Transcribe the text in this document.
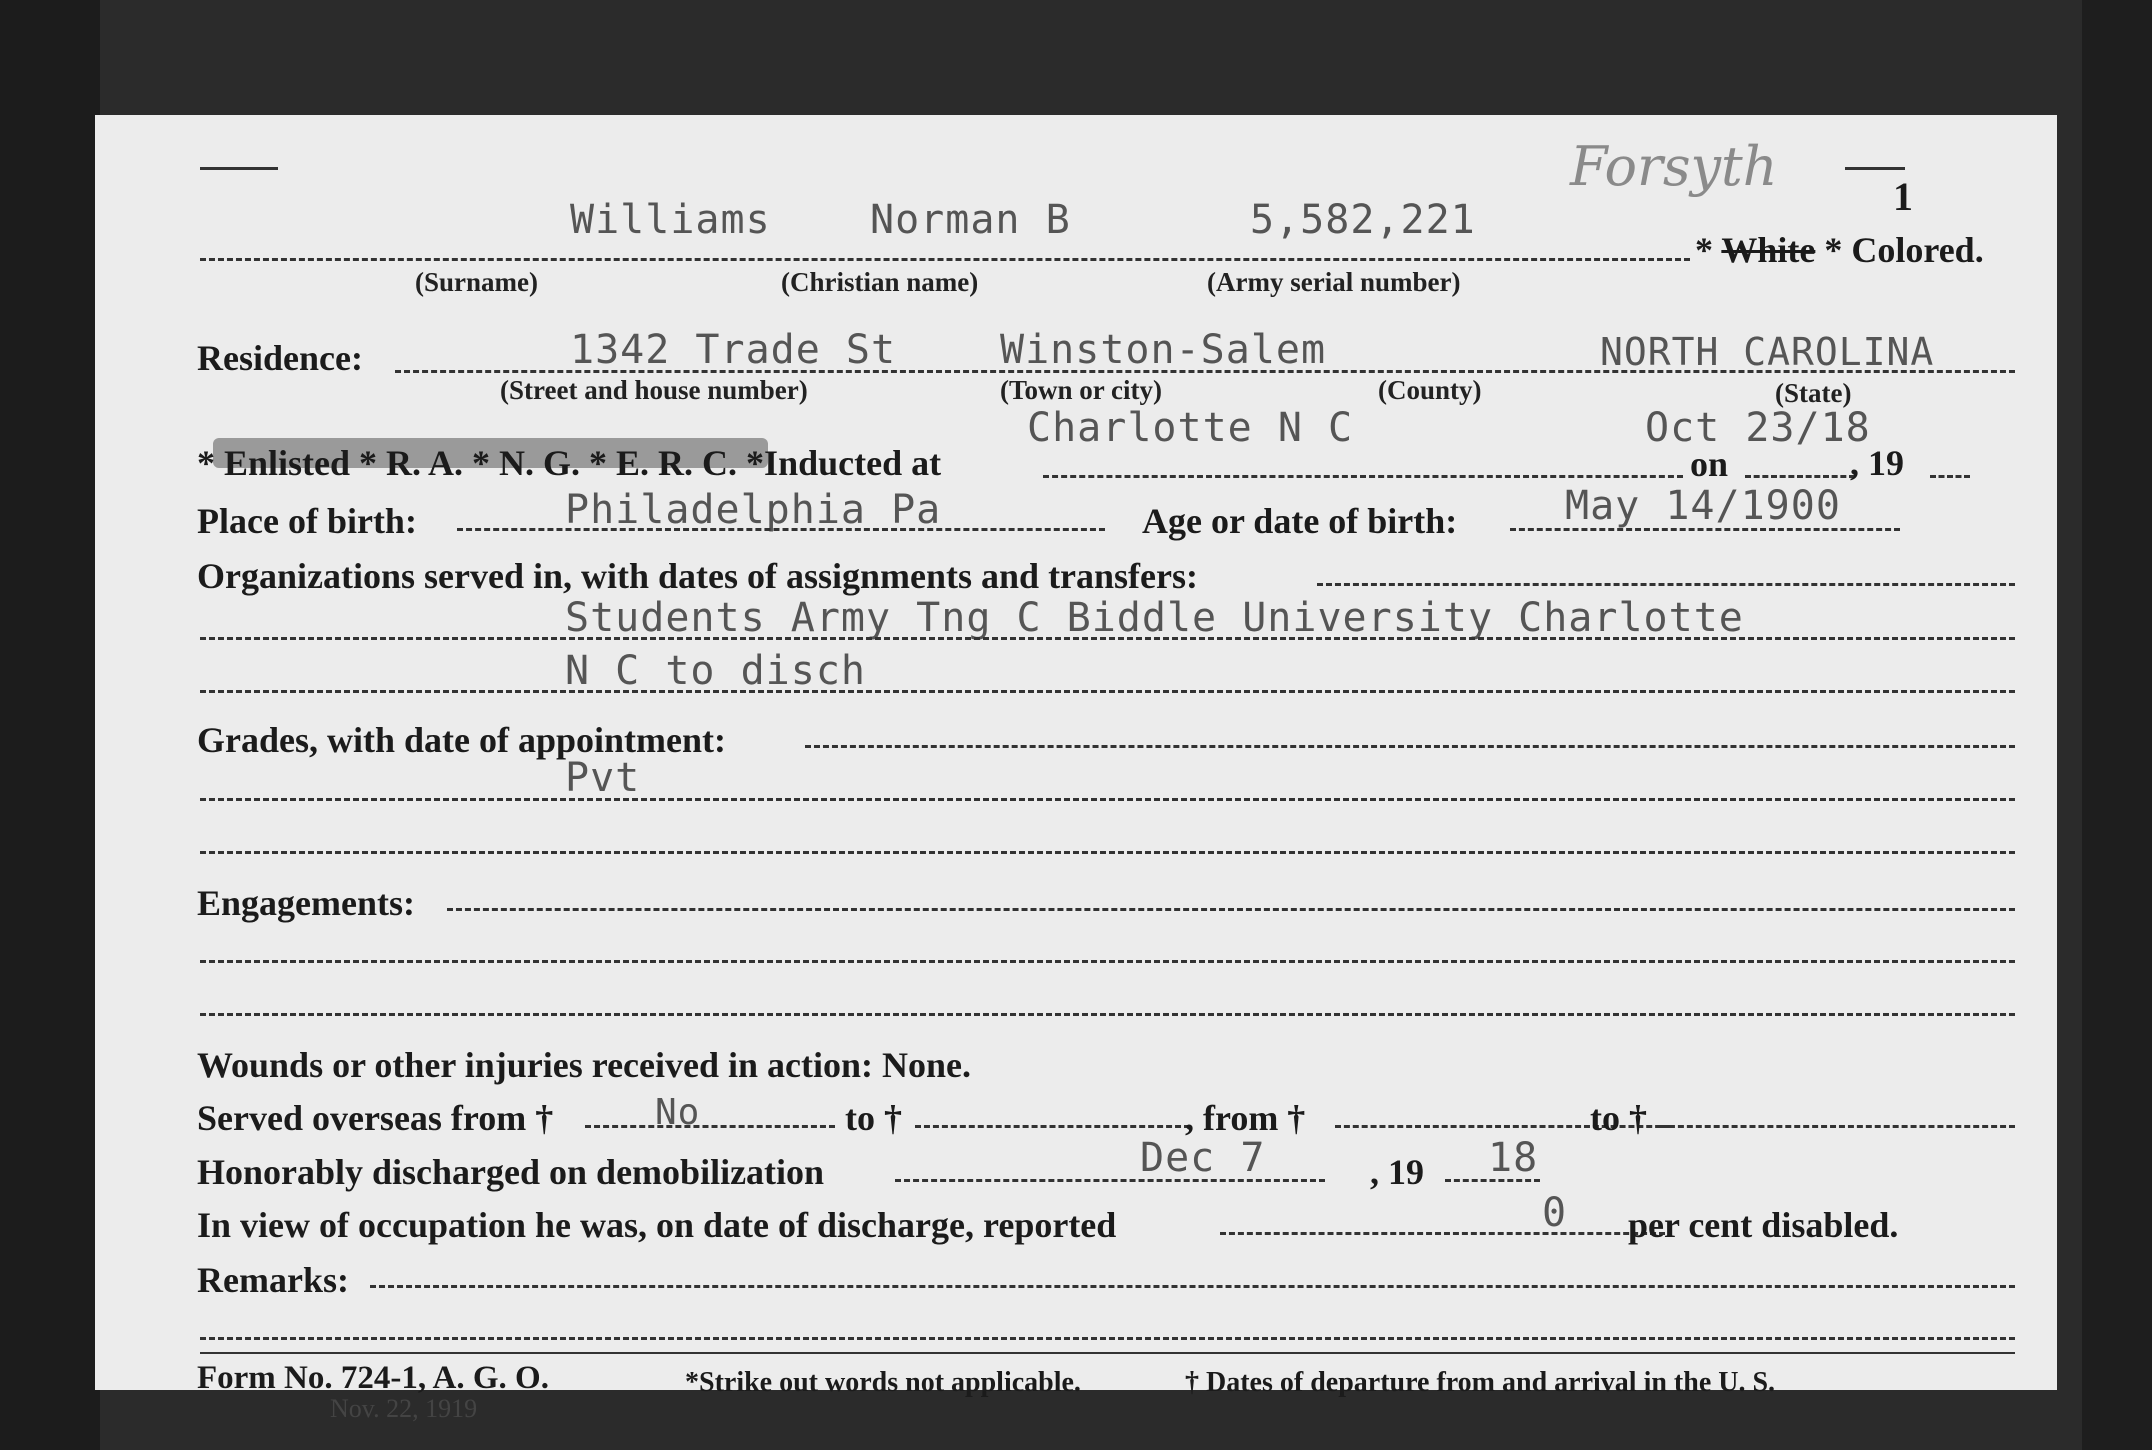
Forsyth	1
Williams Norman B	5,582,221
* White * Colored.
(Surname)	(Christian name)	(Army serial number)
Residence:	1342 Trade St	Winston-Salem	NORTH CAROLINA
(Street and house number)	(Town or city)	(County)	(State)
* Enlisted * R. A. * N. G. * E. R. C. *Inducted at
Charlotte N C
on
Oct 23/18
, 19
Place of birth:	Philadelphia Pa	Age or date of birth:	May 14/1900
Organizations served in, with dates of assignments and transfers:
Students Army Tng C Biddle University Charlotte
N C to disch
Grades, with date of appointment:
Pvt
Engagements:
Wounds or other injuries received in action: None.
Served overseas from †	No	to †	, from †	to †
Honorably discharged on demobilization	Dec 7	, 19 18
In view of occupation he was, on date of discharge, reported	0 per cent disabled.
Remarks:
Form No. 724-1, A. G. O.	*Strike out words not applicable.	† Dates of departure from and arrival in the U. S.
Nov. 22, 1919
